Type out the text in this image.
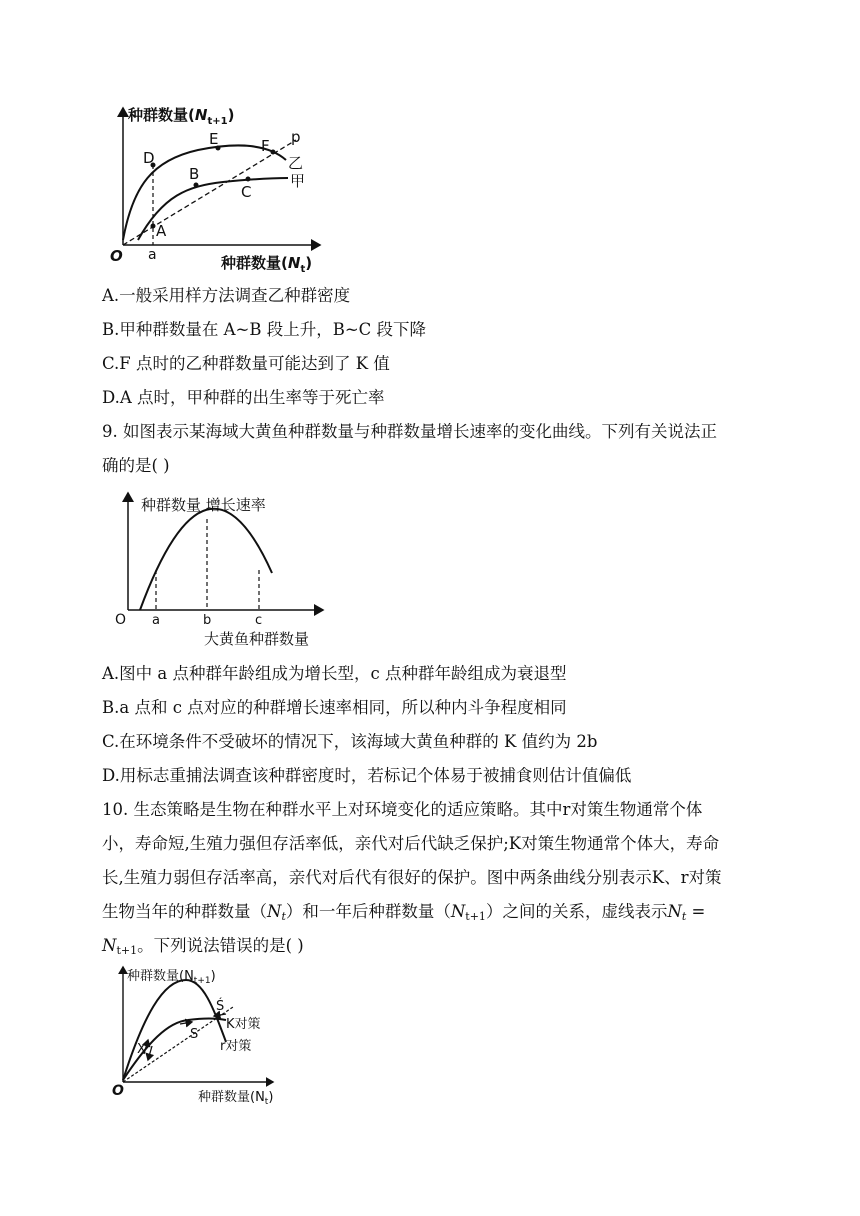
种群数量$(N_{t+1})$
种群数量$(N_t)$
O a
A
B
C
D
E	F p
乙
甲
A.一般采用样方法调查乙种群密度
B.甲种群数量在 A~B 段上升，B~C 段下降
C.F 点时的乙种群数量可能达到了 K 值
D.A 点时，甲种群的出生率等于死亡率
9. 如图表示某海域大黄鱼种群数量与种群数量增长速率的变化曲线。下列有关说法正
确的是( )
种群数量 增长速率
O a	b	c
大黄鱼种群数量
A.图中 a 点种群年龄组成为增长型，c 点种群年龄组成为衰退型
B.a 点和 c 点对应的种群增长速率相同，所以种内斗争程度相同
C.在环境条件不受破坏的情况下，该海域大黄鱼种群的 K 值约为 2b
D.用标志重捕法调查该种群密度时，若标记个体易于被捕食则估计值偏低
10. 生态策略是生物在种群水平上对环境变化的适应策略。其中r对策生物通常个体
小，寿命短,生殖力强但存活率低，亲代对后代缺乏保护;K对策生物通常个体大，寿命
长,生殖力弱但存活率高，亲代对后代有很好的保护。图中两条曲线分别表示K、r对策
生物当年的种群数量$(N_t)$和一年后种群数量$(N_{t+1})$之间的关系，虚线表示$N_t$ =
$N_{t+1}$。下列说法错误的是( )
种群数量$(N_{t+1})$
种群数量$(N_t)$
O
X
S
Ś
K对策
r对策
